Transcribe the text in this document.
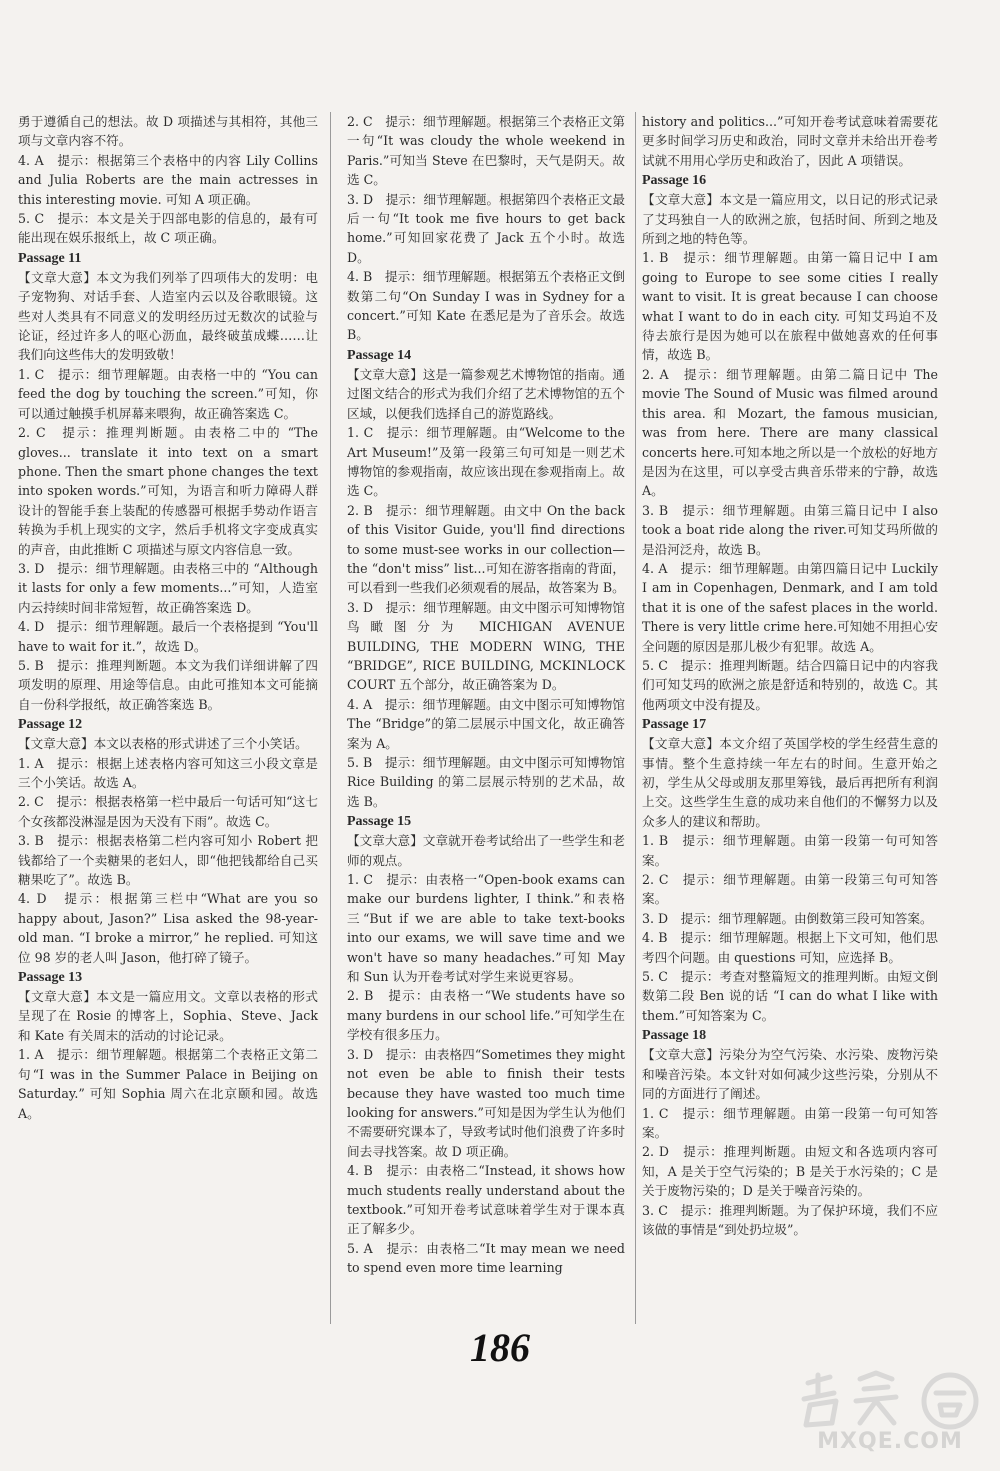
勇于遵循自己的想法。故 D 项描述与其相符，其他三项与文章内容不符。

4. A　提示：根据第三个表格中的内容 Lily Collins and Julia Roberts are the main actresses in this interesting movie. 可知 A 项正确。

5. C　提示：本文是关于四部电影的信息的，最有可能出现在娱乐报纸上，故 C 项正确。

Passage 11

【文章大意】本文为我们列举了四项伟大的发明：电子宠物狗、对话手套、人造室内云以及谷歌眼镜。这些对人类具有不同意义的发明经历过无数次的试验与论证，经过许多人的呕心沥血，最终破茧成蝶……让我们向这些伟大的发明致敬！

1. C　提示：细节理解题。由表格一中的 “You can feed the dog by touching the screen.”可知，你可以通过触摸手机屏幕来喂狗，故正确答案选 C。

2. C　提示：推理判断题。由表格二中的 “The gloves... translate it into text on a smart phone. Then the smart phone changes the text into spoken words.”可知，为语言和听力障碍人群设计的智能手套上装配的传感器可根据手势动作语言转换为手机上现实的文字，然后手机将文字变成真实的声音，由此推断 C 项描述与原文内容信息一致。

3. D　提示：细节理解题。由表格三中的 “Although it lasts for only a few moments...”可知，人造室内云持续时间非常短暂，故正确答案选 D。

4. D　提示：细节理解题。最后一个表格提到 “You'll have to wait for it.”，故选 D。

5. B　提示：推理判断题。本文为我们详细讲解了四项发明的原理、用途等信息。由此可推知本文可能摘自一份科学报纸，故正确答案选 B。

Passage 12

【文章大意】本文以表格的形式讲述了三个小笑话。

1. A　提示：根据上述表格内容可知这三小段文章是三个小笑话。故选 A。

2. C　提示：根据表格第一栏中最后一句话可知“这七个女孩都没淋湿是因为天没有下雨”。故选 C。

3. B　提示：根据表格第二栏内容可知小 Robert 把钱都给了一个卖糖果的老妇人，即“他把钱都给自己买糖果吃了”。故选 B。

4. D　提示：根据第三栏中“What are you so happy about, Jason?” Lisa asked the 98-year-old man. “I broke a mirror,” he replied. 可知这位 98 岁的老人叫 Jason，他打碎了镜子。

Passage 13

【文章大意】本文是一篇应用文。文章以表格的形式呈现了在 Rosie 的博客上，Sophia、Steve、Jack 和 Kate 有关周末的活动的讨论记录。

1. A　提示：细节理解题。根据第二个表格正文第二句“I was in the Summer Palace in Beijing on Saturday.” 可知 Sophia 周六在北京颐和园。故选 A。

2. C　提示：细节理解题。根据第三个表格正文第一句“It was cloudy the whole weekend in Paris.”可知当 Steve 在巴黎时，天气是阴天。故选 C。

3. D　提示：细节理解题。根据第四个表格正文最后一句“It took me five hours to get back home.”可知回家花费了 Jack 五个小时。故选 D。

4. B　提示：细节理解题。根据第五个表格正文倒数第二句“On Sunday I was in Sydney for a concert.”可知 Kate 在悉尼是为了音乐会。故选 B。

Passage 14

【文章大意】这是一篇参观艺术博物馆的指南。通过图文结合的形式为我们介绍了艺术博物馆的五个区域，以便我们选择自己的游览路线。

1. C　提示：细节理解题。由“Welcome to the Art Museum!”及第一段第三句可知是一则艺术博物馆的参观指南，故应该出现在参观指南上。故选 C。

2. B　提示：细节理解题。由文中 On the back of this Visitor Guide, you'll find directions to some must-see works in our collection—the “don't miss” list...可知在游客指南的背面，可以看到一些我们必须观看的展品，故答案为 B。

3. D　提示：细节理解题。由文中图示可知博物馆鸟瞰图分为 MICHIGAN AVENUE BUILDING, THE MODERN WING, THE “BRIDGE”, RICE BUILDING, MCKINLOCK COURT 五个部分，故正确答案为 D。

4. A　提示：细节理解题。由文中图示可知博物馆 The “Bridge”的第二层展示中国文化，故正确答案为 A。

5. B　提示：细节理解题。由文中图示可知博物馆 Rice Building 的第二层展示特别的艺术品，故选 B。

Passage 15

【文章大意】文章就开卷考试给出了一些学生和老师的观点。

1. C　提示：由表格一“Open-book exams can make our burdens lighter, I think.”和表格三“But if we are able to take text-books into our exams, we will save time and we won't have so many headaches.”可知 May 和 Sun 认为开卷考试对学生来说更容易。

2. B　提示：由表格一“We students have so many burdens in our school life.”可知学生在学校有很多压力。

3. D　提示：由表格四“Sometimes they might not even be able to finish their tests because they have wasted too much time looking for answers.”可知是因为学生认为他们不需要研究课本了，导致考试时他们浪费了许多时间去寻找答案。故 D 项正确。

4. B　提示：由表格二“Instead, it shows how much students really understand about the textbook.”可知开卷考试意味着学生对于课本真正了解多少。

5. A　提示：由表格二“It may mean we need to spend even more time learning

history and politics...”可知开卷考试意味着需要花更多时间学习历史和政治，同时文章并未给出开卷考试就不用用心学历史和政治了，因此 A 项错误。

Passage 16

【文章大意】本文是一篇应用文，以日记的形式记录了艾玛独自一人的欧洲之旅，包括时间、所到之地及所到之地的特色等。

1. B　提示：细节理解题。由第一篇日记中 I am going to Europe to see some cities I really want to visit. It is great because I can choose what I want to do in each city. 可知艾玛迫不及待去旅行是因为她可以在旅程中做她喜欢的任何事情，故选 B。

2. A　提示：细节理解题。由第二篇日记中 The movie The Sound of Music was filmed around this area. 和 Mozart, the famous musician, was from here. There are many classical concerts here.可知本地之所以是一个放松的好地方是因为在这里，可以享受古典音乐带来的宁静，故选 A。

3. B　提示：细节理解题。由第三篇日记中 I also took a boat ride along the river.可知艾玛所做的是沿河泛舟，故选 B。

4. A　提示：细节理解题。由第四篇日记中 Luckily I am in Copenhagen, Denmark, and I am told that it is one of the safest places in the world. There is very little crime here.可知她不用担心安全问题的原因是那儿极少有犯罪。故选 A。

5. C　提示：推理判断题。结合四篇日记中的内容我们可知艾玛的欧洲之旅是舒适和特别的，故选 C。其他两项文中没有提及。

Passage 17

【文章大意】本文介绍了英国学校的学生经营生意的事情。整个生意持续一年左右的时间。生意开始之初，学生从父母或朋友那里筹钱，最后再把所有利润上交。这些学生生意的成功来自他们的不懈努力以及众多人的建议和帮助。

1. B　提示：细节理解题。由第一段第一句可知答案。

2. C　提示：细节理解题。由第一段第三句可知答案。

3. D　提示：细节理解题。由倒数第三段可知答案。

4. B　提示：细节理解题。根据上下文可知，他们思考四个问题。由 questions 可知，应选择 B。

5. C　提示：考查对整篇短文的推理判断。由短文倒数第二段 Ben 说的话 “I can do what I like with them.”可知答案为 C。

Passage 18

【文章大意】污染分为空气污染、水污染、废物污染和噪音污染。本文针对如何减少这些污染，分别从不同的方面进行了阐述。

1. C　提示：细节理解题。由第一段第一句可知答案。

2. D　提示：推理判断题。由短文和各选项内容可知，A 是关于空气污染的；B 是关于水污染的；C 是关于废物污染的；D 是关于噪音污染的。

3. C　提示：推理判断题。为了保护环境，我们不应该做的事情是“到处扔垃圾”。

186
MXQE.COM
